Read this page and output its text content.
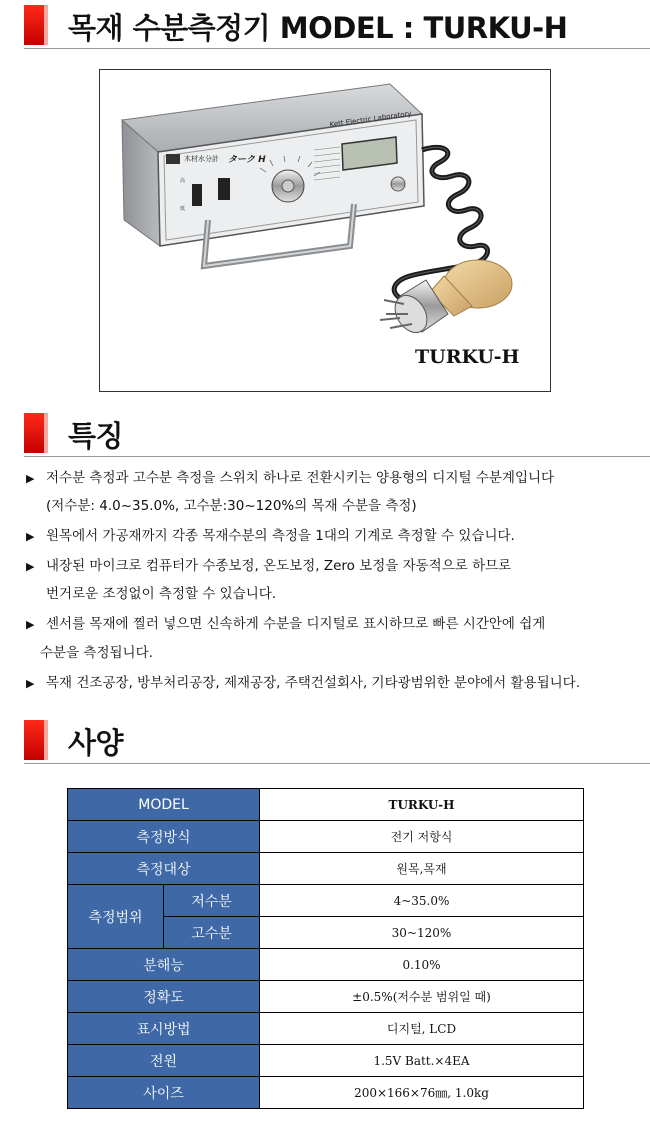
목재 수분측정기 MODEL : TURKU-H
木材水分計 ターク H
Kett Electric Laboratory
高
低
TURKU-H
특징
▶ 저수분 측정과 고수분 측정을 스위치 하나로 전환시키는 양용형의 디지털 수분계입니다
(저수분: 4.0~35.0%, 고수분:30~120%의 목재 수분을 측정)
▶ 원목에서 가공재까지 각종 목재수분의 측정을 1대의 기계로 측정할 수 있습니다.
▶ 내장된 마이크로 컴퓨터가 수종보정, 온도보정, Zero 보정을 자동적으로 하므로
번거로운 조정없이 측정할 수 있습니다.
▶ 센서를 목재에 찔러 넣으면 신속하게 수분을 디지털로 표시하므로 빠른 시간안에 쉽게
수분을 측정됩니다.
▶ 목재 건조공장, 방부처리공장, 제재공장, 주택건설회사, 기타광범위한 분야에서 활용됩니다.
사양
MODEL		TURKU-H
측정방식		전기 저항식
측정대상		원목,목재
측정범위	저수분	4~35.0%
	고수분	30~120%
분해능		0.10%
정확도		±0.5%(저수분 범위일 때)
표시방법		디지털, LCD
전원		1.5V Batt.×4EA
사이즈		200×166×76㎜, 1.0kg
